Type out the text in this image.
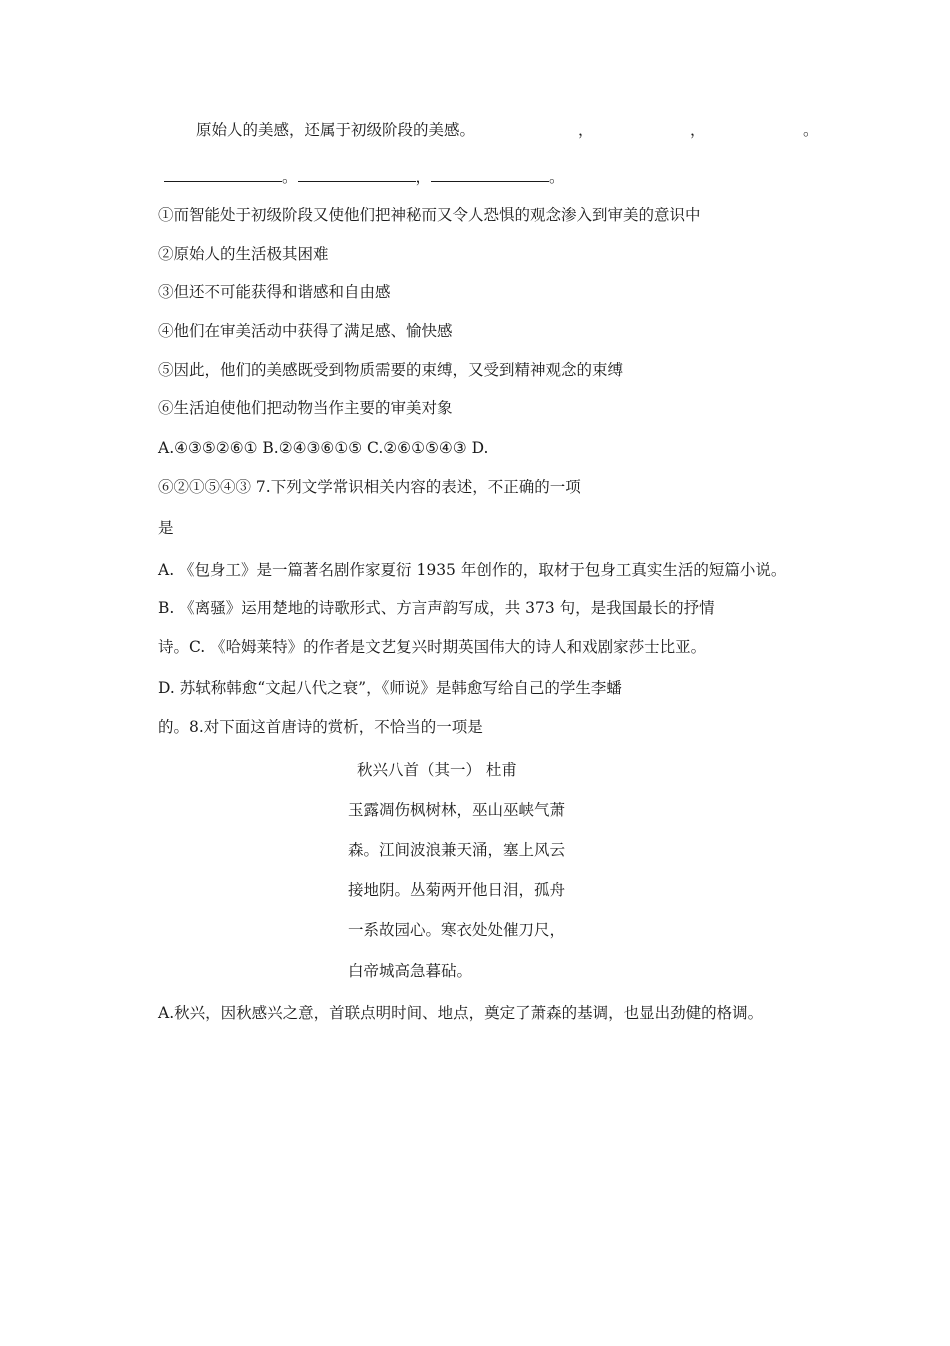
原始人的美感，还属于初级阶段的美感。	，	，	。
。	，	。
①而智能处于初级阶段又使他们把神秘而又令人恐惧的观念渗入到审美的意识中
②原始人的生活极其困难
③但还不可能获得和谐感和自由感
④他们在审美活动中获得了满足感、愉快感
⑤因此，他们的美感既受到物质需要的束缚，又受到精神观念的束缚
⑥生活迫使他们把动物当作主要的审美对象
A.④③⑤②⑥① B.②④③⑥①⑤ C.②⑥①⑤④③ D.
⑥②①⑤④③ 7.下列文学常识相关内容的表述，不正确的一项
是
A. 《包身工》是一篇著名剧作家夏衍 1935 年创作的，取材于包身工真实生活的短篇小说。
B. 《离骚》运用楚地的诗歌形式、方言声韵写成，共 373 句，是我国最长的抒情
诗。C. 《哈姆莱特》的作者是文艺复兴时期英国伟大的诗人和戏剧家莎士比亚。
D. 苏轼称韩愈“文起八代之衰”，《师说》是韩愈写给自己的学生李蟠
的。8.对下面这首唐诗的赏析，不恰当的一项是
秋兴八首（其一） 杜甫
玉露凋伤枫树林，巫山巫峡气萧
森。江间波浪兼天涌，塞上风云
接地阴。丛菊两开他日泪，孤舟
一系故园心。寒衣处处催刀尺，
白帝城高急暮砧。
A.秋兴，因秋感兴之意，首联点明时间、地点，奠定了萧森的基调，也显出劲健的格调。
